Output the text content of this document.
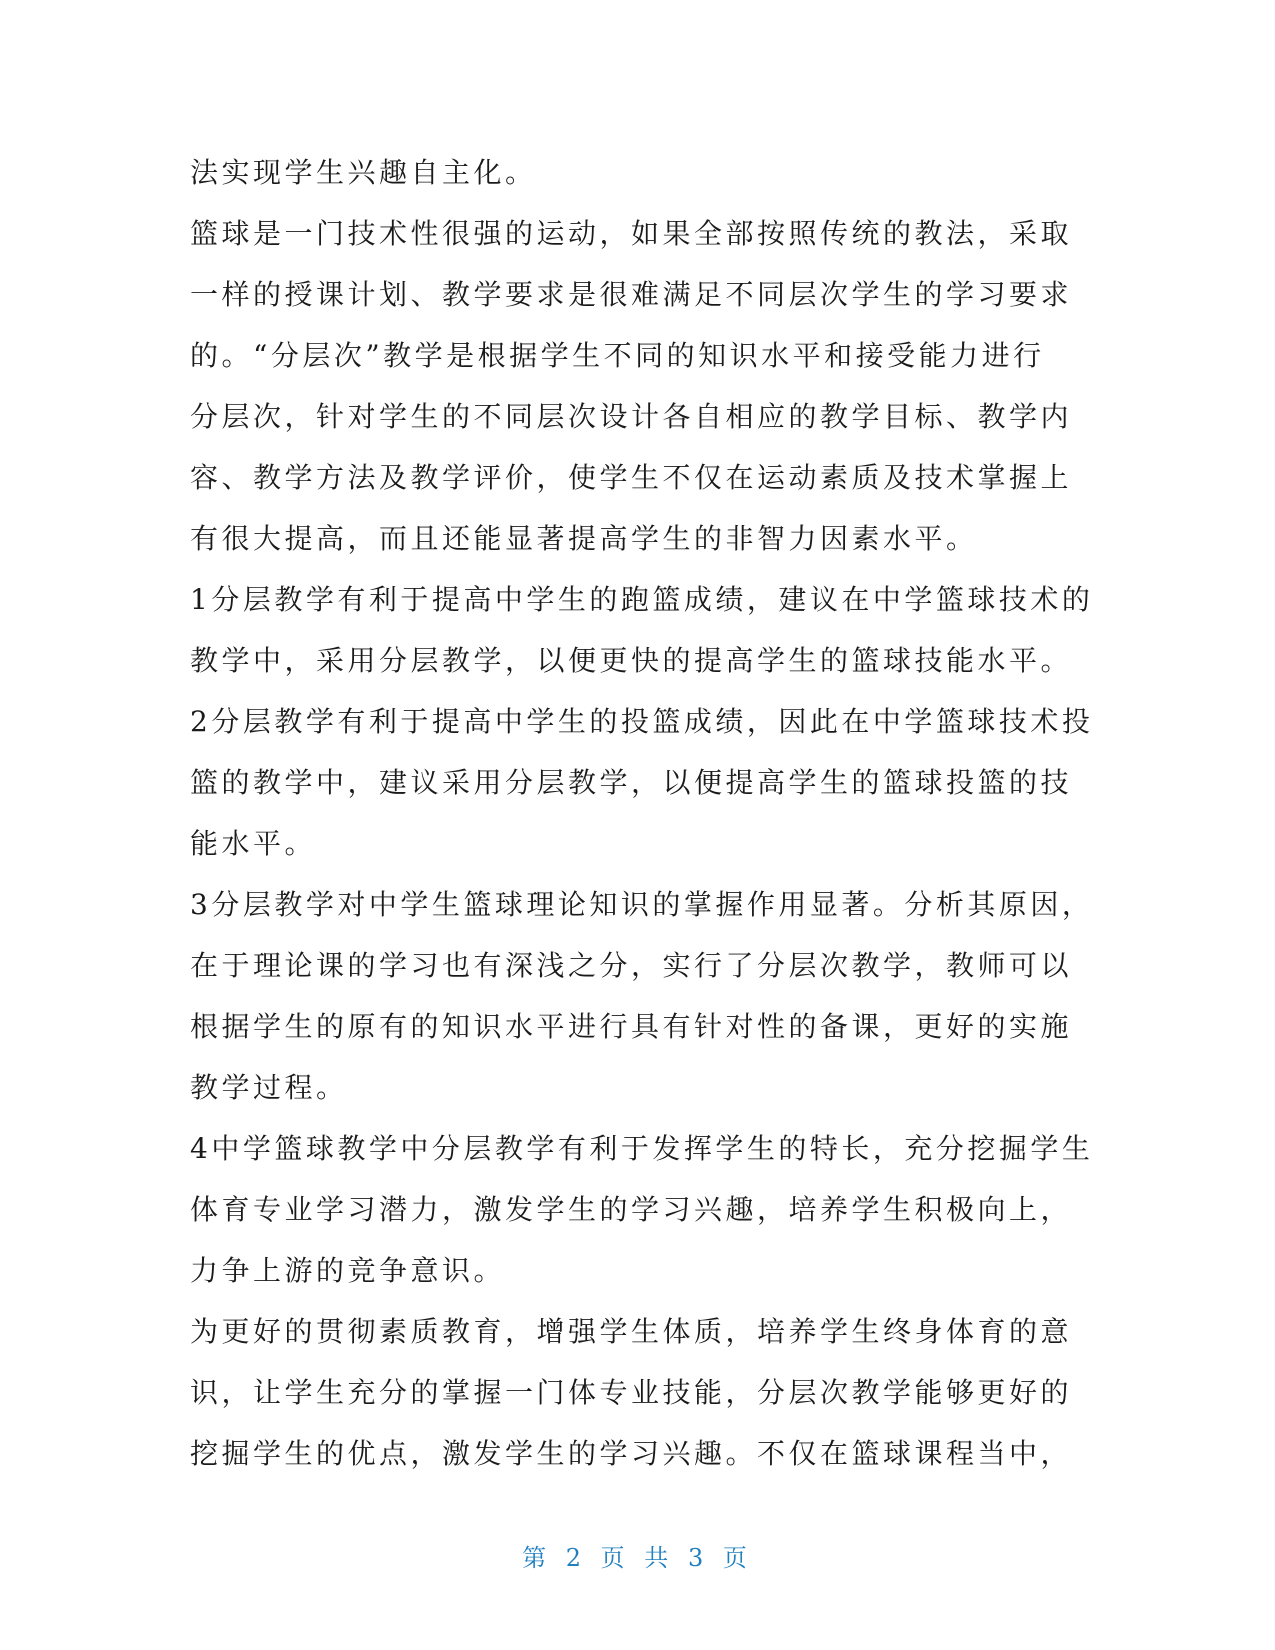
法实现学生兴趣自主化。
篮球是一门技术性很强的运动，如果全部按照传统的教法，采取
一样的授课计划、教学要求是很难满足不同层次学生的学习要求
的。“分层次”教学是根据学生不同的知识水平和接受能力进行
分层次，针对学生的不同层次设计各自相应的教学目标、教学内
容、教学方法及教学评价，使学生不仅在运动素质及技术掌握上
有很大提高，而且还能显著提高学生的非智力因素水平。
1分层教学有利于提高中学生的跑篮成绩，建议在中学篮球技术的
教学中，采用分层教学，以便更快的提高学生的篮球技能水平。
2分层教学有利于提高中学生的投篮成绩，因此在中学篮球技术投
篮的教学中，建议采用分层教学，以便提高学生的篮球投篮的技
能水平。
3分层教学对中学生篮球理论知识的掌握作用显著。分析其原因，
在于理论课的学习也有深浅之分，实行了分层次教学，教师可以
根据学生的原有的知识水平进行具有针对性的备课，更好的实施
教学过程。
4中学篮球教学中分层教学有利于发挥学生的特长，充分挖掘学生
体育专业学习潜力，激发学生的学习兴趣，培养学生积极向上，
力争上游的竞争意识。
为更好的贯彻素质教育，增强学生体质，培养学生终身体育的意
识，让学生充分的掌握一门体专业技能，分层次教学能够更好的
挖掘学生的优点，激发学生的学习兴趣。不仅在篮球课程当中，
第 2 页 共 3 页
